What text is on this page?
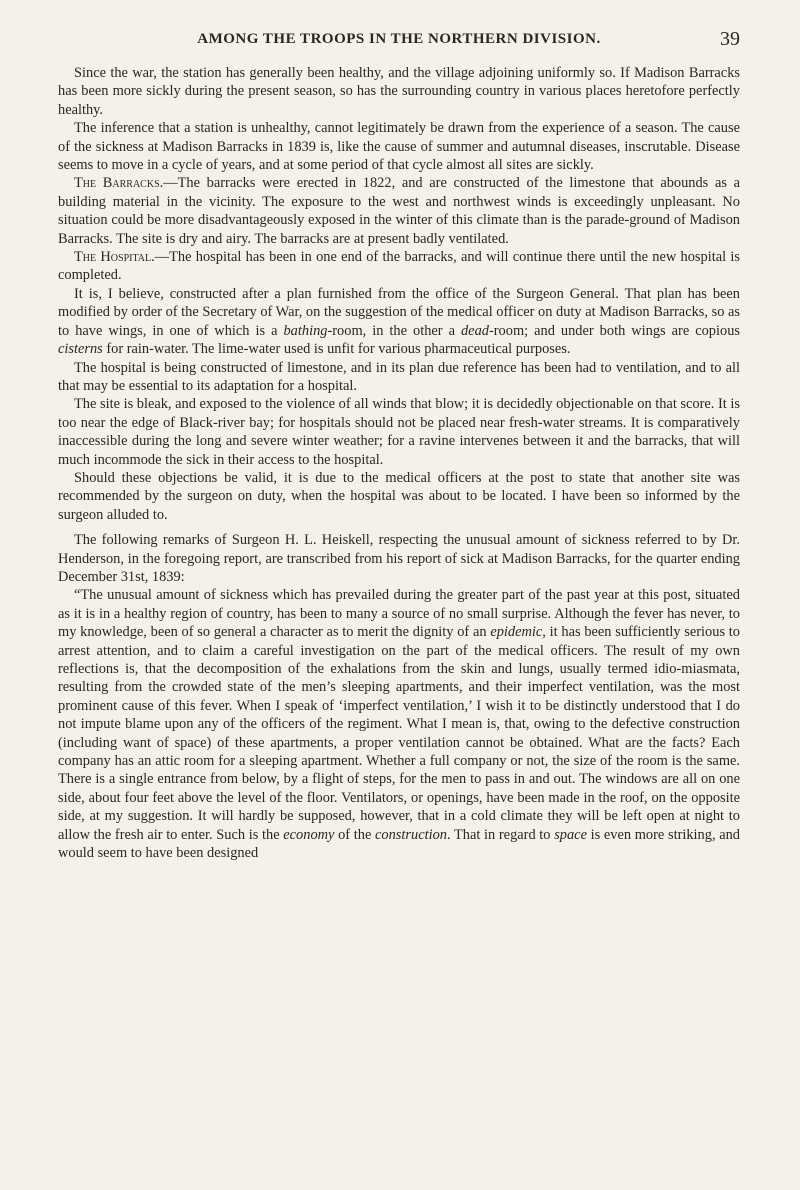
AMONG THE TROOPS IN THE NORTHERN DIVISION.	39

Since the war, the station has generally been healthy, and the village adjoining uniformly so. If Madison Barracks has been more sickly during the present season, so has the surrounding country in various places heretofore perfectly healthy.

The inference that a station is unhealthy, cannot legitimately be drawn from the experience of a season. The cause of the sickness at Madison Barracks in 1839 is, like the cause of summer and autumnal diseases, inscrutable. Disease seems to move in a cycle of years, and at some period of that cycle almost all sites are sickly.

The Barracks.—The barracks were erected in 1822, and are constructed of the limestone that abounds as a building material in the vicinity. The exposure to the west and northwest winds is exceedingly unpleasant. No situation could be more disadvantageously exposed in the winter of this climate than is the parade-ground of Madison Barracks. The site is dry and airy. The barracks are at present badly ventilated.

The Hospital.—The hospital has been in one end of the barracks, and will continue there until the new hospital is completed.

It is, I believe, constructed after a plan furnished from the office of the Surgeon General. That plan has been modified by order of the Secretary of War, on the suggestion of the medical officer on duty at Madison Barracks, so as to have wings, in one of which is a bathing-room, in the other a dead-room; and under both wings are copious cisterns for rain-water. The lime-water used is unfit for various pharmaceutical purposes.

The hospital is being constructed of limestone, and in its plan due reference has been had to ventilation, and to all that may be essential to its adaptation for a hospital.

The site is bleak, and exposed to the violence of all winds that blow; it is decidedly objectionable on that score. It is too near the edge of Black-river bay; for hospitals should not be placed near fresh-water streams. It is comparatively inaccessible during the long and severe winter weather; for a ravine intervenes between it and the barracks, that will much incommode the sick in their access to the hospital.

Should these objections be valid, it is due to the medical officers at the post to state that another site was recommended by the surgeon on duty, when the hospital was about to be located. I have been so informed by the surgeon alluded to.

The following remarks of Surgeon H. L. Heiskell, respecting the unusual amount of sickness referred to by Dr. Henderson, in the foregoing report, are transcribed from his report of sick at Madison Barracks, for the quarter ending December 31st, 1839:

“The unusual amount of sickness which has prevailed during the greater part of the past year at this post, situated as it is in a healthy region of country, has been to many a source of no small surprise. Although the fever has never, to my knowledge, been of so general a character as to merit the dignity of an epidemic, it has been sufficiently serious to arrest attention, and to claim a careful investigation on the part of the medical officers. The result of my own reflections is, that the decomposition of the exhalations from the skin and lungs, usually termed idio-miasmata, resulting from the crowded state of the men’s sleeping apartments, and their imperfect ventilation, was the most prominent cause of this fever. When I speak of ‘imperfect ventilation,’ I wish it to be distinctly understood that I do not impute blame upon any of the officers of the regiment. What I mean is, that, owing to the defective construction (including want of space) of these apartments, a proper ventilation cannot be obtained. What are the facts? Each company has an attic room for a sleeping apartment. Whether a full company or not, the size of the room is the same. There is a single entrance from below, by a flight of steps, for the men to pass in and out. The windows are all on one side, about four feet above the level of the floor. Ventilators, or openings, have been made in the roof, on the opposite side, at my suggestion. It will hardly be supposed, however, that in a cold climate they will be left open at night to allow the fresh air to enter. Such is the economy of the construction. That in regard to space is even more striking, and would seem to have been designed
